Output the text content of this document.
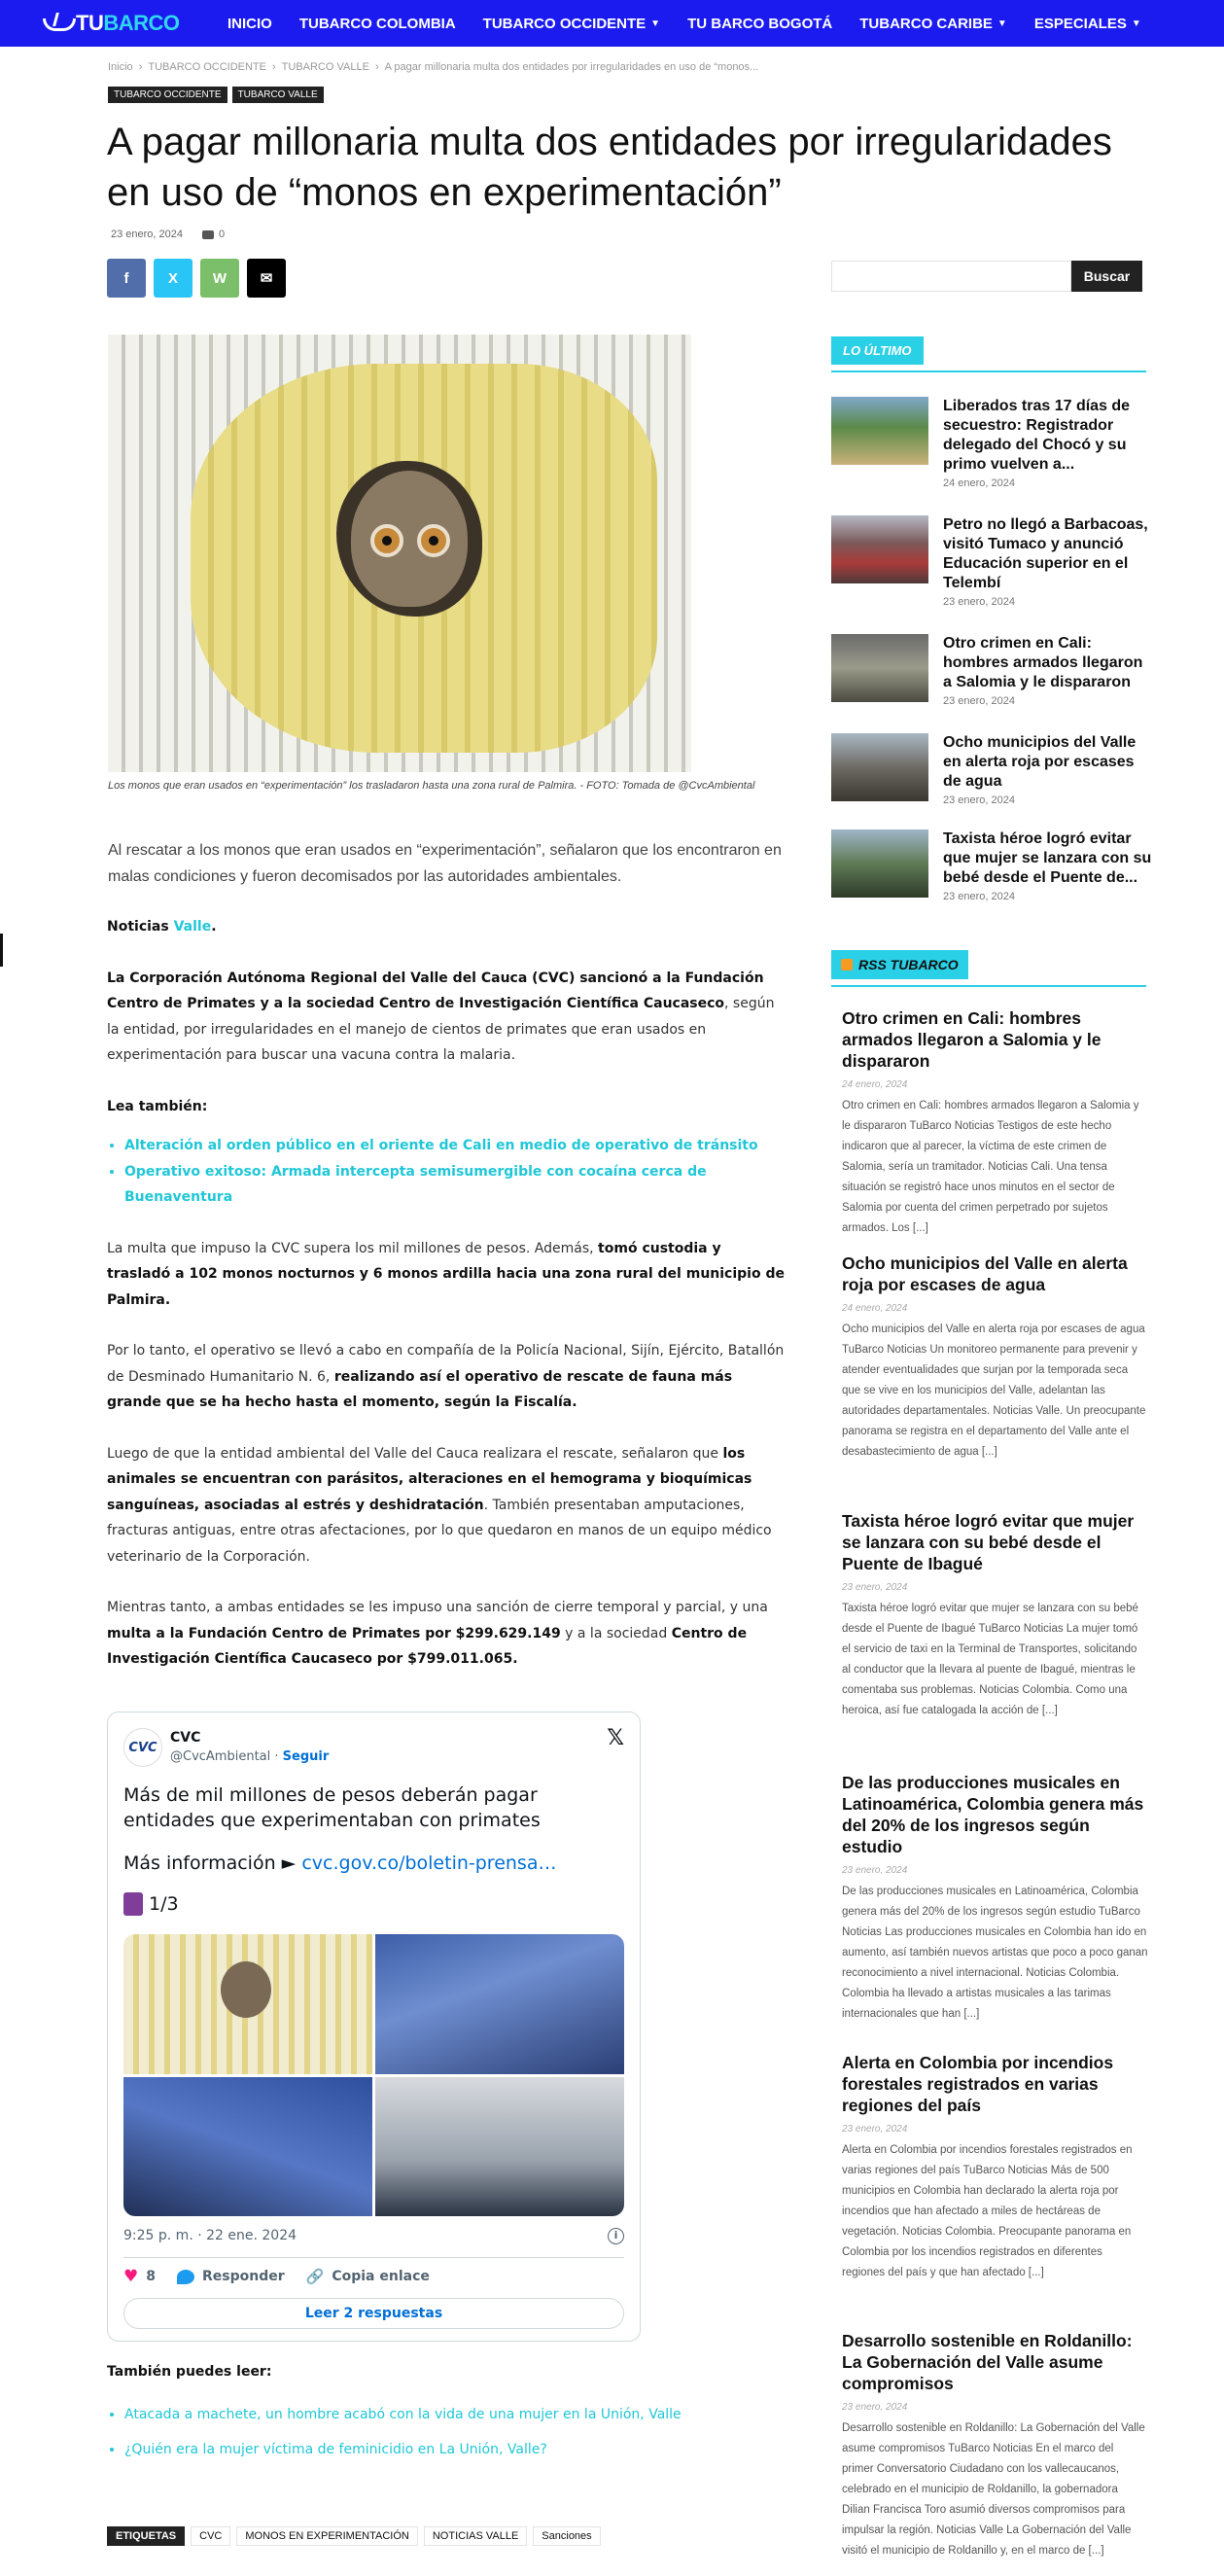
TU BARCO	INICIO TUBARCO COLOMBIA TUBARCO OCCIDENTE ▼ TU BARCO BOGOTÁ TUBARCO CARIBE ▼ ESPECIALES ▼
Inicio › TUBARCO OCCIDENTE › TUBARCO VALLE › A pagar millonaria multa dos entidades por irregularidades en uso de “monos...
TUBARCO OCCIDENTE	TUBARCO VALLE
A pagar millonaria multa dos entidades por irregularidades en uso de “monos en experimentación”
23 enero, 2024	0
f	X W ✉
Los monos que eran usados en “experimentación” los trasladaron hasta una zona rural de Palmira. - FOTO: Tomada de @CvcAmbiental
Al rescatar a los monos que eran usados en “experimentación”, señalaron que los encontraron en malas condiciones y fueron decomisados por las autoridades ambientales.

Noticias Valle.

La Corporación Autónoma Regional del Valle del Cauca (CVC) sancionó a la Fundación Centro de Primates y a la sociedad Centro de Investigación Científica Caucaseco, según la entidad, por irregularidades en el manejo de cientos de primates que eran usados en experimentación para buscar una vacuna contra la malaria.

Lea también:

• Alteración al orden público en el oriente de Cali en medio de operativo de tránsito
• Operativo exitoso: Armada intercepta semisumergible con cocaína cerca de Buenaventura

La multa que impuso la CVC supera los mil millones de pesos. Además, tomó custodia y trasladó a 102 monos nocturnos y 6 monos ardilla hacia una zona rural del municipio de Palmira.

Por lo tanto, el operativo se llevó a cabo en compañía de la Policía Nacional, Sijín, Ejército, Batallón de Desminado Humanitario N. 6, realizando así el operativo de rescate de fauna más grande que se ha hecho hasta el momento, según la Fiscalía.

Luego de que la entidad ambiental del Valle del Cauca realizara el rescate, señalaron que los animales se encuentran con parásitos, alteraciones en el hemograma y bioquímicas sanguíneas, asociadas al estrés y deshidratación. También presentaban amputaciones, fracturas antiguas, entre otras afectaciones, por lo que quedaron en manos de un equipo médico veterinario de la Corporación.

Mientras tanto, a ambas entidades se les impuso una sanción de cierre temporal y parcial, y una multa a la Fundación Centro de Primates por $299.629.149 y a la sociedad Centro de Investigación Científica Caucaseco por $799.011.065.

CVC
CVC
@CvcAmbiental · Seguir
𝕏
Más de mil millones de pesos deberán pagar entidades que experimentaban con primates
Más información ► cvc.gov.co/boletin-prensa…
1/3
9:25 p. m. · 22 ene. 2024	i
♥ 8	Responder 🔗 Copia enlace
Leer 2 respuestas
También puedes leer:
• Atacada a machete, un hombre acabó con la vida de una mujer en la Unión, Valle
• ¿Quién era la mujer víctima de feminicidio en La Unión, Valle?
ETIQUETAS	CVC	MONOS EN EXPERIMENTACIÓN	NOTICIAS VALLE	Sanciones
Buscar
LO ÚLTIMO
Liberados tras 17 días de secuestro: Registrador delegado del Chocó y su primo vuelven a...
24 enero, 2024
Petro no llegó a Barbacoas, visitó Tumaco y anunció Educación superior en el Telembí
23 enero, 2024
Otro crimen en Cali: hombres armados llegaron a Salomia y le dispararon
23 enero, 2024
Ocho municipios del Valle en alerta roja por escases de agua
23 enero, 2024
Taxista héroe logró evitar que mujer se lanzara con su bebé desde el Puente de...
23 enero, 2024
RSS TUBARCO
Otro crimen en Cali: hombres armados llegaron a Salomia y le dispararon
24 enero, 2024
Otro crimen en Cali: hombres armados llegaron a Salomia y le dispararon TuBarco Noticias Testigos de este hecho indicaron que al parecer, la víctima de este crimen de Salomia, sería un tramitador. Noticias Cali. Una tensa situación se registró hace unos minutos en el sector de Salomia por cuenta del crimen perpetrado por sujetos armados. Los [...]
Ocho municipios del Valle en alerta roja por escases de agua
24 enero, 2024
Ocho municipios del Valle en alerta roja por escases de agua TuBarco Noticias Un monitoreo permanente para prevenir y atender eventualidades que surjan por la temporada seca que se vive en los municipios del Valle, adelantan las autoridades departamentales. Noticias Valle. Un preocupante panorama se registra en el departamento del Valle ante el desabastecimiento de agua [...]
Taxista héroe logró evitar que mujer se lanzara con su bebé desde el Puente de Ibagué
23 enero, 2024
Taxista héroe logró evitar que mujer se lanzara con su bebé desde el Puente de Ibagué TuBarco Noticias La mujer tomó el servicio de taxi en la Terminal de Transportes, solicitando al conductor que la llevara al puente de Ibagué, mientras le comentaba sus problemas. Noticias Colombia. Como una heroica, así fue catalogada la acción de [...]
De las producciones musicales en Latinoamérica, Colombia genera más del 20% de los ingresos según estudio
23 enero, 2024
De las producciones musicales en Latinoamérica, Colombia genera más del 20% de los ingresos según estudio TuBarco Noticias Las producciones musicales en Colombia han ido en aumento, así también nuevos artistas que poco a poco ganan reconocimiento a nivel internacional. Noticias Colombia. Colombia ha llevado a artistas musicales a las tarimas internacionales que han [...]
Alerta en Colombia por incendios forestales registrados en varias regiones del país
23 enero, 2024
Alerta en Colombia por incendios forestales registrados en varias regiones del país TuBarco Noticias Más de 500 municipios en Colombia han declarado la alerta roja por incendios que han afectado a miles de hectáreas de vegetación. Noticias Colombia. Preocupante panorama en Colombia por los incendios registrados en diferentes regiones del país y que han afectado [...]
Desarrollo sostenible en Roldanillo: La Gobernación del Valle asume compromisos
23 enero, 2024
Desarrollo sostenible en Roldanillo: La Gobernación del Valle asume compromisos TuBarco Noticias En el marco del primer Conversatorio Ciudadano con los vallecaucanos, celebrado en el municipio de Roldanillo, la gobernadora Dilian Francisca Toro asumió diversos compromisos para impulsar la región. Noticias Valle La Gobernación del Valle visitó el municipio de Roldanillo y, en el marco de [...]
